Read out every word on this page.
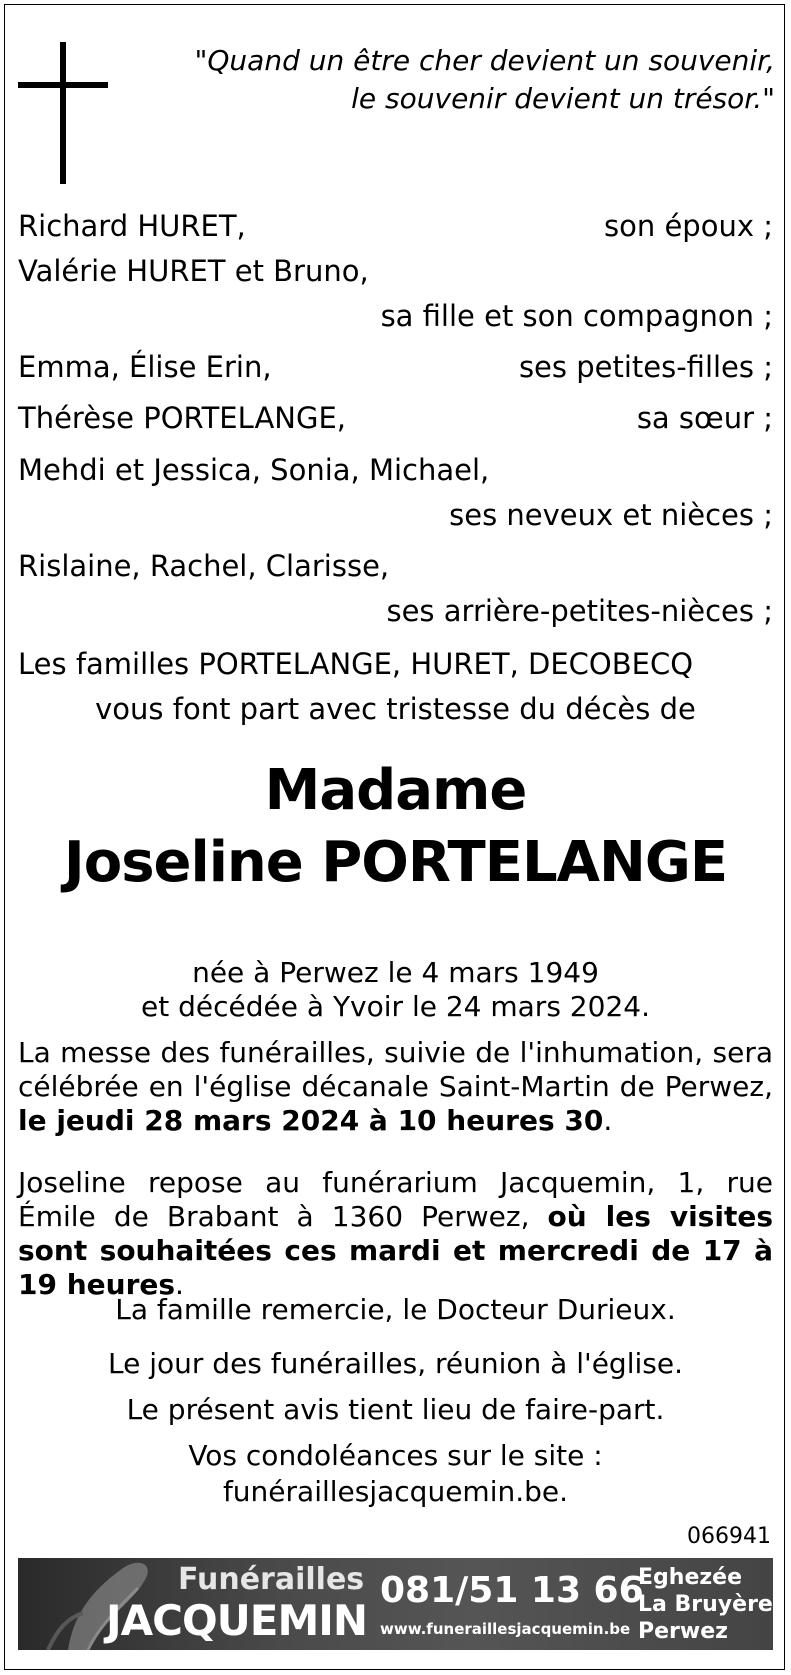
"Quand un être cher devient un souvenir,
le souvenir devient un trésor."
Richard HURET,	son époux ;
Valérie HURET et Bruno,
sa fille et son compagnon ;
Emma, Élise Erin,	ses petites-filles ;
Thérèse PORTELANGE,	sa sœur ;
Mehdi et Jessica, Sonia, Michael,
ses neveux et nièces ;
Rislaine, Rachel, Clarisse,
ses arrière-petites-nièces ;
Les familles PORTELANGE, HURET, DECOBECQ
vous font part avec tristesse du décès de
Madame
Joseline PORTELANGE
née à Perwez le 4 mars 1949
et décédée à Yvoir le 24 mars 2024.
La messe des funérailles, suivie de l'inhumation, sera célébrée en l'église décanale Saint-Martin de Perwez, le jeudi 28 mars 2024 à 10 heures 30.
Joseline repose au funérarium Jacquemin, 1, rue Émile de Brabant à 1360 Perwez, où les visites sont souhaitées ces mardi et mercredi de 17 à 19 heures.
La famille remercie, le Docteur Durieux.
Le jour des funérailles, réunion à l'église.
Le présent avis tient lieu de faire-part.
Vos condoléances sur le site :
funéraillesjacquemin.be.
066941
Funérailles
JACQUEMIN
081/51 13 66
www.funeraillesjacquemin.be
Eghezée
La Bruyère
Perwez
